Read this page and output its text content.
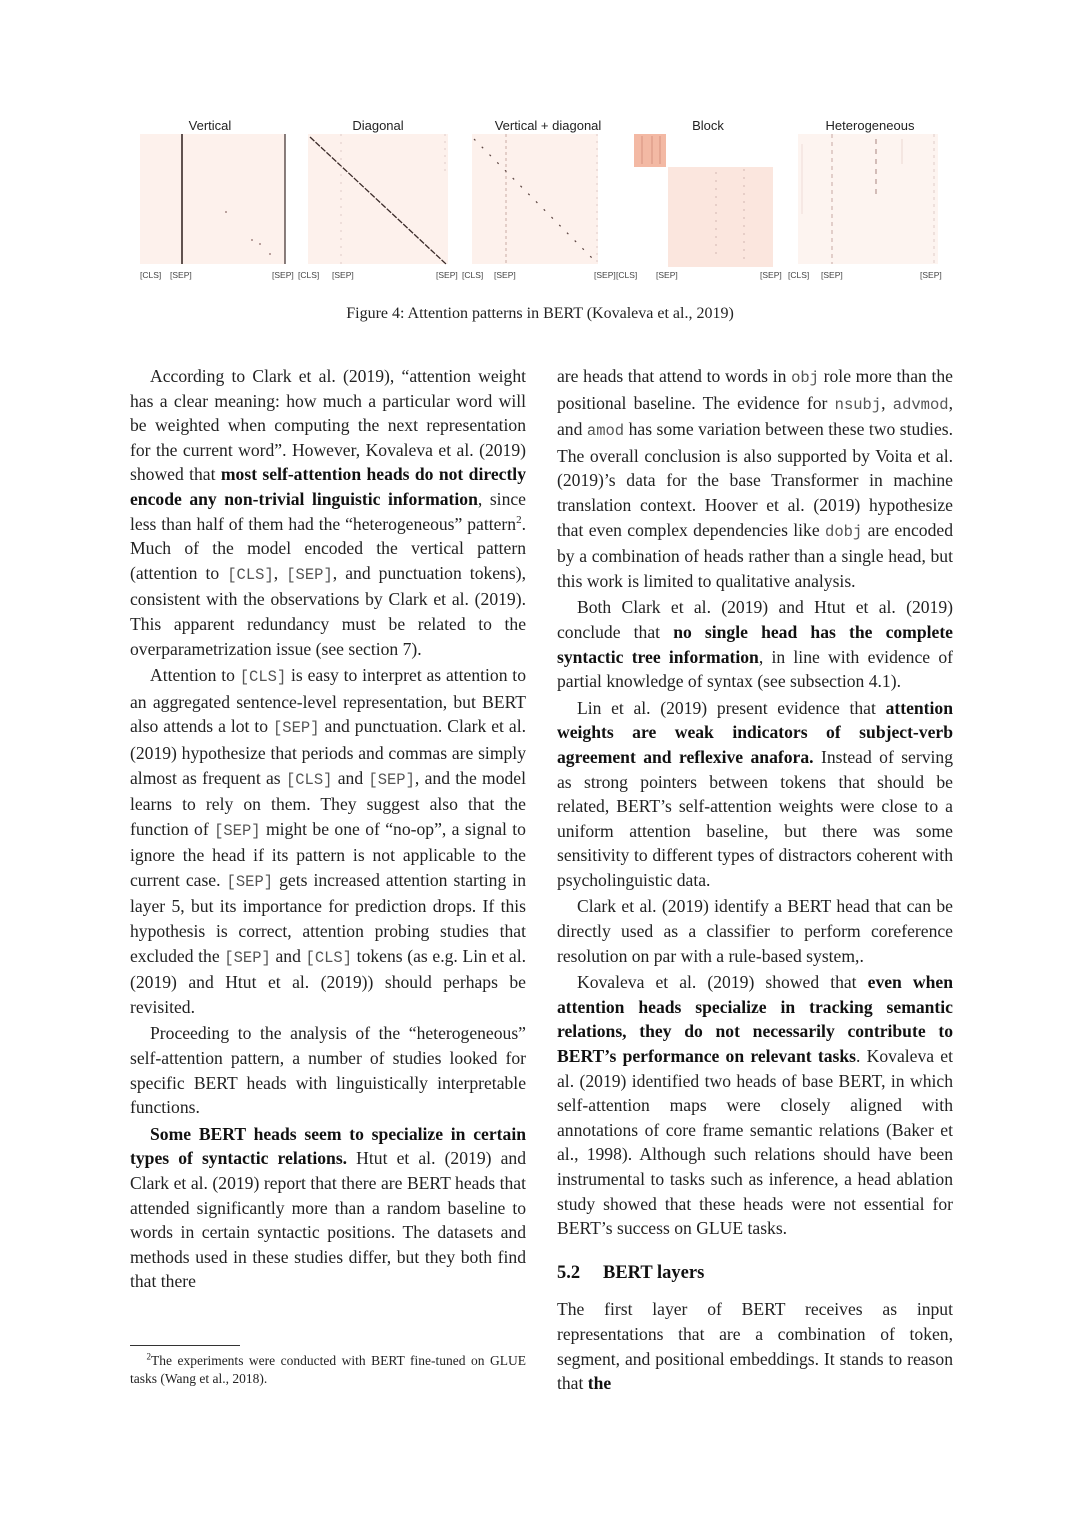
Vertical
[CLS] [SEP]	[SEP]
Diagonal
[CLS] [SEP]	[SEP]
Vertical + diagonal
[CLS] [SEP]	[SEP]
Block
[CLS] [SEP]	[SEP]
Heterogeneous
[CLS] [SEP]	[SEP]
Figure 4: Attention patterns in BERT (Kovaleva et al., 2019)

According to Clark et al. (2019), “attention weight has a clear meaning: how much a particular word will be weighted when computing the next representation for the current word”. However, Kovaleva et al. (2019) showed that most self-attention heads do not directly encode any non-trivial linguistic information, since less than half of them had the “heterogeneous” pattern$^2$. Much of the model encoded the vertical pattern (attention to [CLS], [SEP], and punctuation tokens), consistent with the observations by Clark et al. (2019). This apparent redundancy must be related to the overparametrization issue (see section 7).

Attention to [CLS] is easy to interpret as attention to an aggregated sentence-level representation, but BERT also attends a lot to [SEP] and punctuation. Clark et al. (2019) hypothesize that periods and commas are simply almost as frequent as [CLS] and [SEP], and the model learns to rely on them. They suggest also that the function of [SEP] might be one of “no-op”, a signal to ignore the head if its pattern is not applicable to the current case. [SEP] gets increased attention starting in layer 5, but its importance for prediction drops. If this hypothesis is correct, attention probing studies that excluded the [SEP] and [CLS] tokens (as e.g. Lin et al. (2019) and Htut et al. (2019)) should perhaps be revisited.

Proceeding to the analysis of the “heterogeneous” self-attention pattern, a number of studies looked for specific BERT heads with linguistically interpretable functions.

Some BERT heads seem to specialize in certain types of syntactic relations. Htut et al. (2019) and Clark et al. (2019) report that there are BERT heads that attended significantly more than a random baseline to words in certain syntactic positions. The datasets and methods used in these studies differ, but they both find that there

$^2$The experiments were conducted with BERT fine-tuned on GLUE tasks (Wang et al., 2018).

are heads that attend to words in obj role more than the positional baseline. The evidence for nsubj, advmod, and amod has some variation between these two studies. The overall conclusion is also supported by Voita et al. (2019)’s data for the base Transformer in machine translation context. Hoover et al. (2019) hypothesize that even complex dependencies like dobj are encoded by a combination of heads rather than a single head, but this work is limited to qualitative analysis.

Both Clark et al. (2019) and Htut et al. (2019) conclude that no single head has the complete syntactic tree information, in line with evidence of partial knowledge of syntax (see subsection 4.1).

Lin et al. (2019) present evidence that attention weights are weak indicators of subject-verb agreement and reflexive anafora. Instead of serving as strong pointers between tokens that should be related, BERT’s self-attention weights were close to a uniform attention baseline, but there was some sensitivity to different types of distractors coherent with psycholinguistic data.

Clark et al. (2019) identify a BERT head that can be directly used as a classifier to perform coreference resolution on par with a rule-based system,.

Kovaleva et al. (2019) showed that even when attention heads specialize in tracking semantic relations, they do not necessarily contribute to BERT’s performance on relevant tasks. Kovaleva et al. (2019) identified two heads of base BERT, in which self-attention maps were closely aligned with annotations of core frame semantic relations (Baker et al., 1998). Although such relations should have been instrumental to tasks such as inference, a head ablation study showed that these heads were not essential for BERT’s success on GLUE tasks.

5.2 BERT layers

The first layer of BERT receives as input representations that are a combination of token, segment, and positional embeddings. It stands to reason that the
